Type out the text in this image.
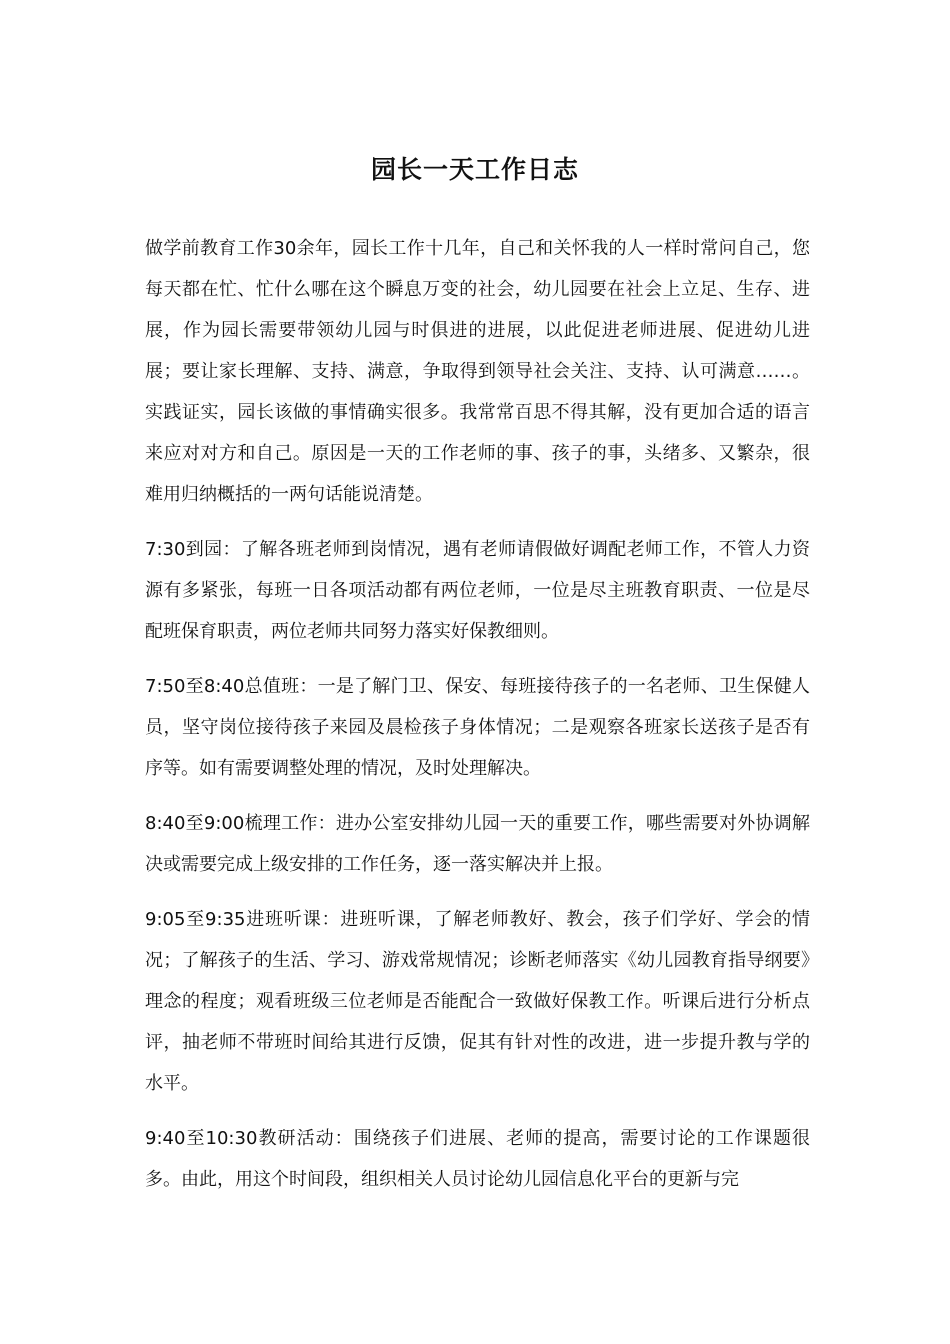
园长一天工作日志

做学前教育工作30余年，园长工作十几年，自己和关怀我的人一样时常问自己，您每天都在忙、忙什么哪在这个瞬息万变的社会，幼儿园要在社会上立足、生存、进展，作为园长需要带领幼儿园与时俱进的进展，以此促进老师进展、促进幼儿进展；要让家长理解、支持、满意，争取得到领导社会关注、支持、认可满意……。实践证实，园长该做的事情确实很多。我常常百思不得其解，没有更加合适的语言来应对对方和自己。原因是一天的工作老师的事、孩子的事，头绪多、又繁杂，很难用归纳概括的一两句话能说清楚。

7:30到园：了解各班老师到岗情况，遇有老师请假做好调配老师工作，不管人力资源有多紧张，每班一日各项活动都有两位老师，一位是尽主班教育职责、一位是尽配班保育职责，两位老师共同努力落实好保教细则。

7:50至8:40总值班：一是了解门卫、保安、每班接待孩子的一名老师、卫生保健人员，坚守岗位接待孩子来园及晨检孩子身体情况；二是观察各班家长送孩子是否有序等。如有需要调整处理的情况，及时处理解决。

8:40至9:00梳理工作：进办公室安排幼儿园一天的重要工作，哪些需要对外协调解决或需要完成上级安排的工作任务，逐一落实解决并上报。

9:05至9:35进班听课：进班听课，了解老师教好、教会，孩子们学好、学会的情况；了解孩子的生活、学习、游戏常规情况；诊断老师落实《幼儿园教育指导纲要》理念的程度；观看班级三位老师是否能配合一致做好保教工作。听课后进行分析点评，抽老师不带班时间给其进行反馈，促其有针对性的改进，进一步提升教与学的水平。

9:40至10:30教研活动：围绕孩子们进展、老师的提高，需要讨论的工作课题很多。由此，用这个时间段，组织相关人员讨论幼儿园信息化平台的更新与完
